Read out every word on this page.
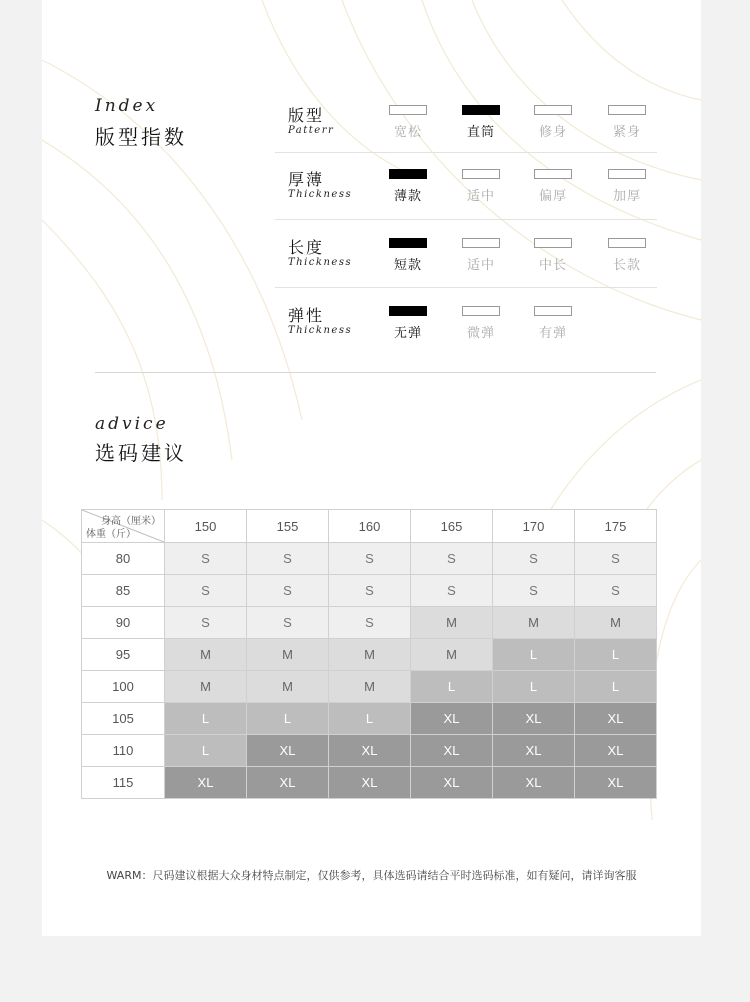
Index
版型指数
版型
Patterr	宽松	直筒	修身	紧身
厚薄
Thickness	薄款	适中	偏厚	加厚
长度
Thickness	短款	适中	中长	长款
弹性
Thickness	无弹	微弹	有弹
advice
选码建议
身高（厘米）
体重（斤）	150	155	160	165	170	175
80	S	S	S	S	S	S
85	S	S	S	S	S	S
90	S	S	S	M	M	M
95	M	M	M	M	L	L
100	M	M	M	L	L	L
105	L	L	L	XL	XL	XL
110	L	XL	XL	XL	XL	XL
115	XL	XL	XL	XL	XL	XL
WARM：尺码建议根据大众身材特点制定，仅供参考，具体选码请结合平时选码标准，如有疑问，请详询客服
